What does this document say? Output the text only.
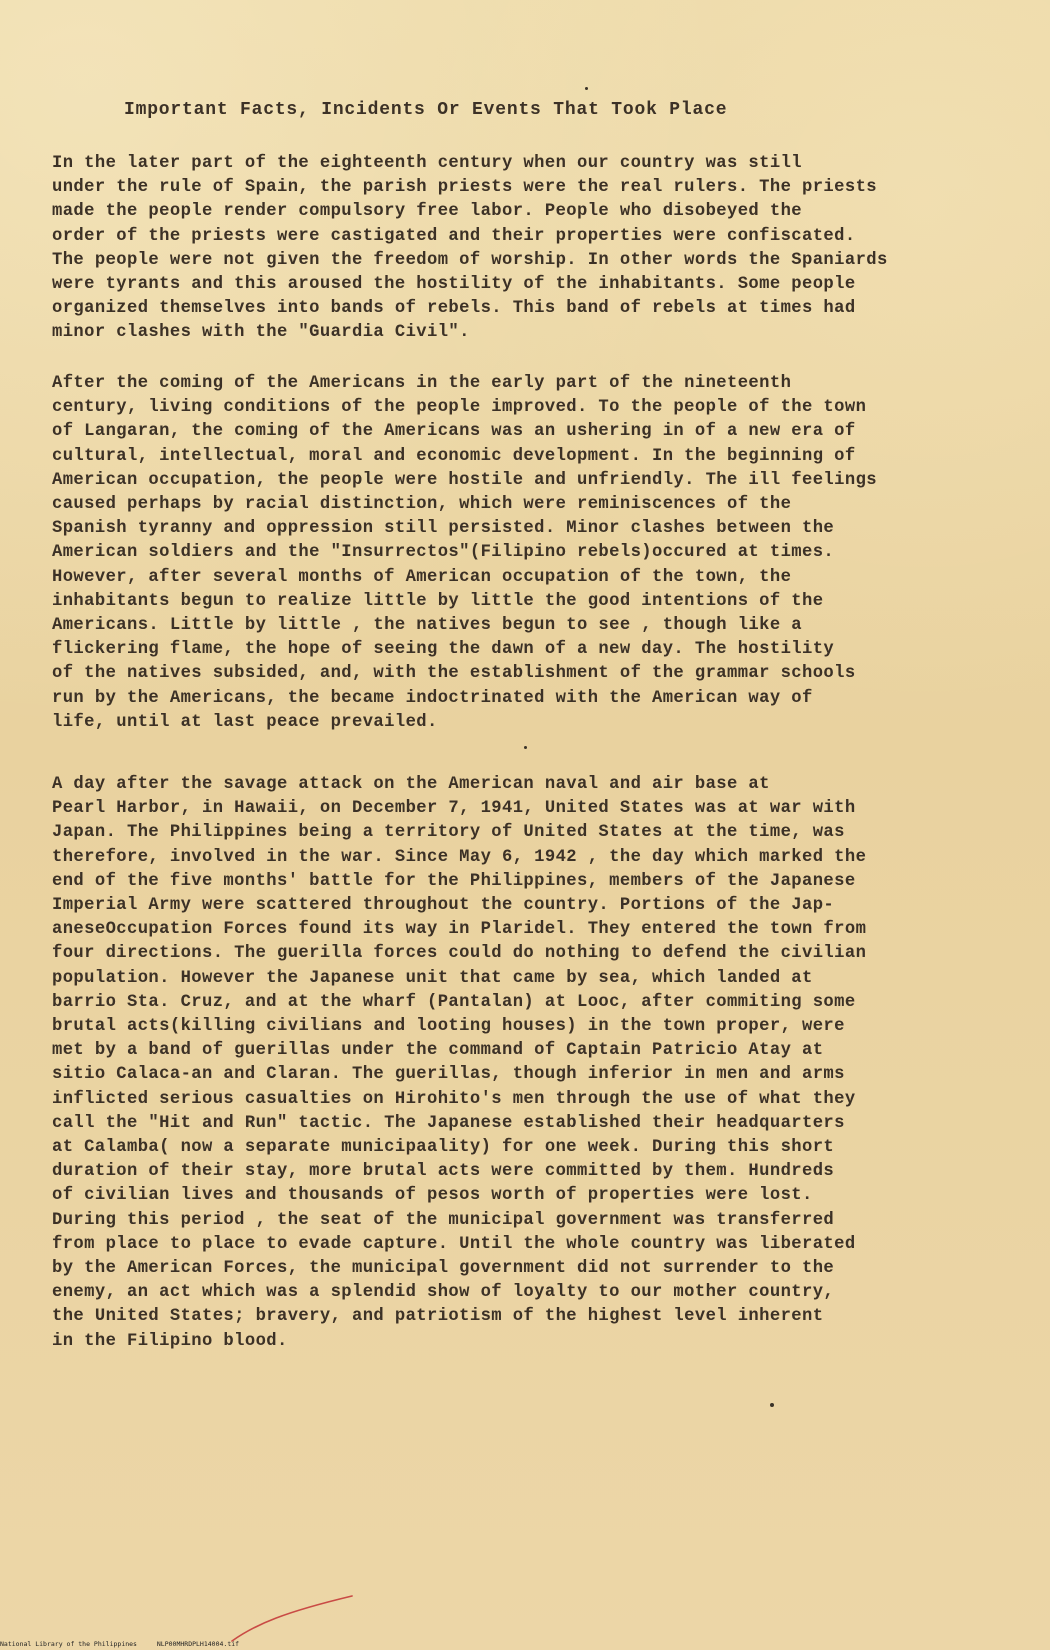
Important Facts, Incidents Or Events That Took Place

In the later part of the eighteenth century when our country was still
under the rule of Spain, the parish priests were the real rulers. The priests
made the people render compulsory free labor. People who disobeyed the
order of the priests were castigated and their properties were confiscated.
The people were not given the freedom of worship. In other words the Spaniards
were tyrants and this aroused the hostility of the inhabitants. Some people
organized themselves into bands of rebels. This band of rebels at times had
minor clashes with the "Guardia Civil".

After the coming of the Americans in the early part of the nineteenth
century, living conditions of the people improved. To the people of the town
of Langaran, the coming of the Americans was an ushering in of a new era of
cultural, intellectual, moral and economic development. In the beginning of
American occupation, the people were hostile and unfriendly. The ill feelings
caused perhaps by racial distinction, which were reminiscences of the
Spanish tyranny and oppression still persisted. Minor clashes between the
American soldiers and the "Insurrectos"(Filipino rebels)occured at times.
However, after several months of American occupation of the town, the
inhabitants begun to realize little by little the good intentions of the
Americans. Little by little , the natives begun to see , though like a
flickering flame, the hope of seeing the dawn of a new day. The hostility
of the natives subsided, and, with the establishment of the grammar schools
run by the Americans, the became indoctrinated with the American way of
life, until at last peace prevailed.

A day after the savage attack on the American naval and air base at
Pearl Harbor, in Hawaii, on December 7, 1941, United States was at war with
Japan. The Philippines being a territory of United States at the time, was
therefore, involved in the war. Since May 6, 1942 , the day which marked the
end of the five months' battle for the Philippines, members of the Japanese
Imperial Army were scattered throughout the country. Portions of the Jap-
aneseOccupation Forces found its way in Plaridel. They entered the town from
four directions. The guerilla forces could do nothing to defend the civilian
population. However the Japanese unit that came by sea, which landed at
barrio Sta. Cruz, and at the wharf (Pantalan) at Looc, after commiting some
brutal acts(killing civilians and looting houses) in the town proper, were
met by a band of guerillas under the command of Captain Patricio Atay at
sitio Calaca-an and Claran. The guerillas, though inferior in men and arms
inflicted serious casualties on Hirohito's men through the use of what they
call the "Hit and Run" tactic. The Japanese established their headquarters
at Calamba( now a separate municipaality) for one week. During this short
duration of their stay, more brutal acts were committed by them. Hundreds
of civilian lives and thousands of pesos worth of properties were lost.
During this period , the seat of the municipal government was transferred
from place to place to evade capture. Until the whole country was liberated
by the American Forces, the municipal government did not surrender to the
enemy, an act which was a splendid show of loyalty to our mother country,
the United States; bravery, and patriotism of the highest level inherent
in the Filipino blood.

National Library of the Philippines	NLP00MHRDPLH14004.tif
